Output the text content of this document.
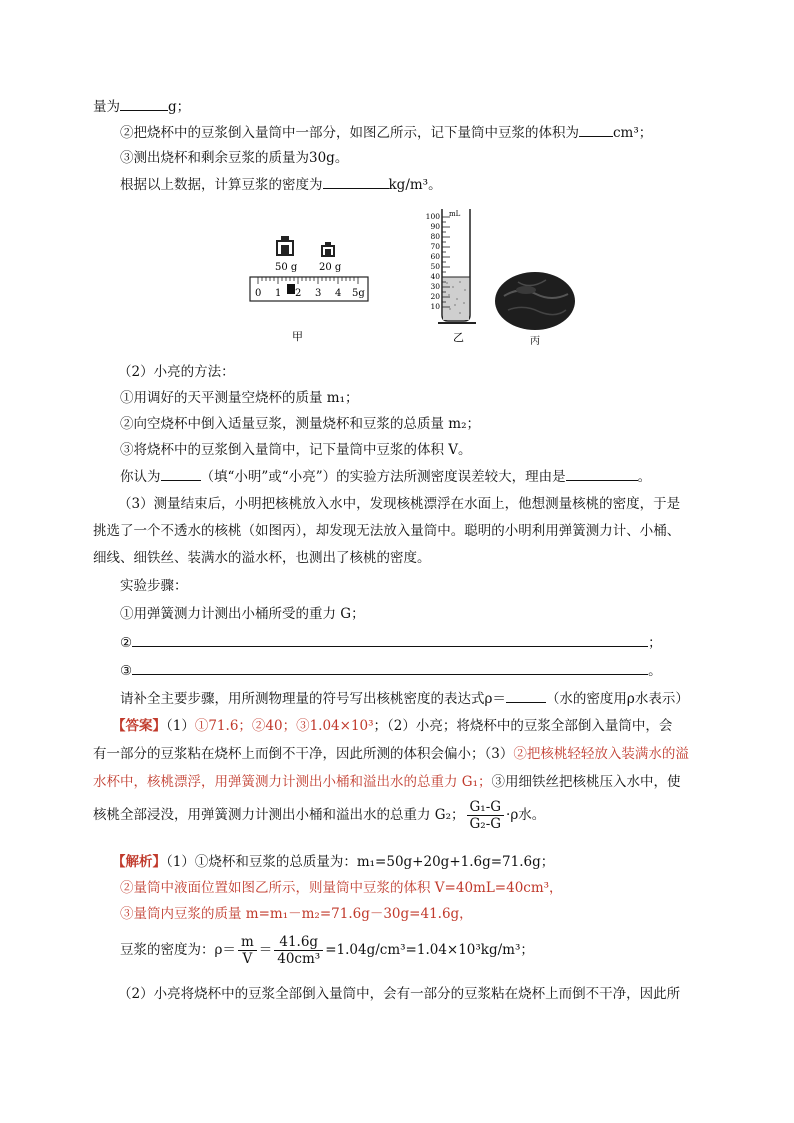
量为	g；
②把烧杯中的豆浆倒入量筒中一部分，如图乙所示，记下量筒中豆浆的体积为	cm³；
③测出烧杯和剩余豆浆的质量为30g。
根据以上数据，计算豆浆的密度为	kg/m³。
50 g 20 g
0 1 2 3 4 5g
甲
mL
100
90
80
70
60
50
40
30
20
10
乙	丙
（2）小亮的方法：
①用调好的天平测量空烧杯的质量 m₁；
②向空烧杯中倒入适量豆浆，测量烧杯和豆浆的总质量 m₂；
③将烧杯中的豆浆倒入量筒中，记下量筒中豆浆的体积 V。
你认为	（填“小明”或“小亮”）的实验方法所测密度误差较大，理由是	。
（3）测量结束后，小明把核桃放入水中，发现核桃漂浮在水面上，他想测量核桃的密度，于是
挑选了一个不透水的核桃（如图丙），却发现无法放入量筒中。聪明的小明利用弹簧测力计、小桶、
细线、细铁丝、装满水的溢水杯，也测出了核桃的密度。
实验步骤：
①用弹簧测力计测出小桶所受的重力 G；
②	；
③	。
请补全主要步骤，用所测物理量的符号写出核桃密度的表达式ρ＝	（水的密度用ρ水表示）
【答案】（1）①71.6；②40；③1.04×10³；（2）小亮；将烧杯中的豆浆全部倒入量筒中，会
有一部分的豆浆粘在烧杯上而倒不干净，因此所测的体积会偏小；（3）②把核桃轻轻放入装满水的溢
水杯中，核桃漂浮，用弹簧测力计测出小桶和溢出水的总重力 G₁；③用细铁丝把核桃压入水中，使
核桃全部浸没，用弹簧测力计测出小桶和溢出水的总重力 G₂； $\frac{\text{G₁-G}}{\text{G₂-G}} \cdot\rho$水。
【解析】（1）①烧杯和豆浆的总质量为：m₁=50g+20g+1.6g=71.6g；
②量筒中液面位置如图乙所示，则量筒中豆浆的体积 V=40mL=40cm³，
③量筒内豆浆的质量 m=m₁－m₂=71.6g－30g=41.6g，
豆浆的密度为：$\rho= \frac{m}{V} = \frac{41.6g}{\text{40cm³}} =1.04g/cm^3=1.04\times 10^3kg/m^3$；
（2）小亮将烧杯中的豆浆全部倒入量筒中，会有一部分的豆浆粘在烧杯上而倒不干净，因此所
